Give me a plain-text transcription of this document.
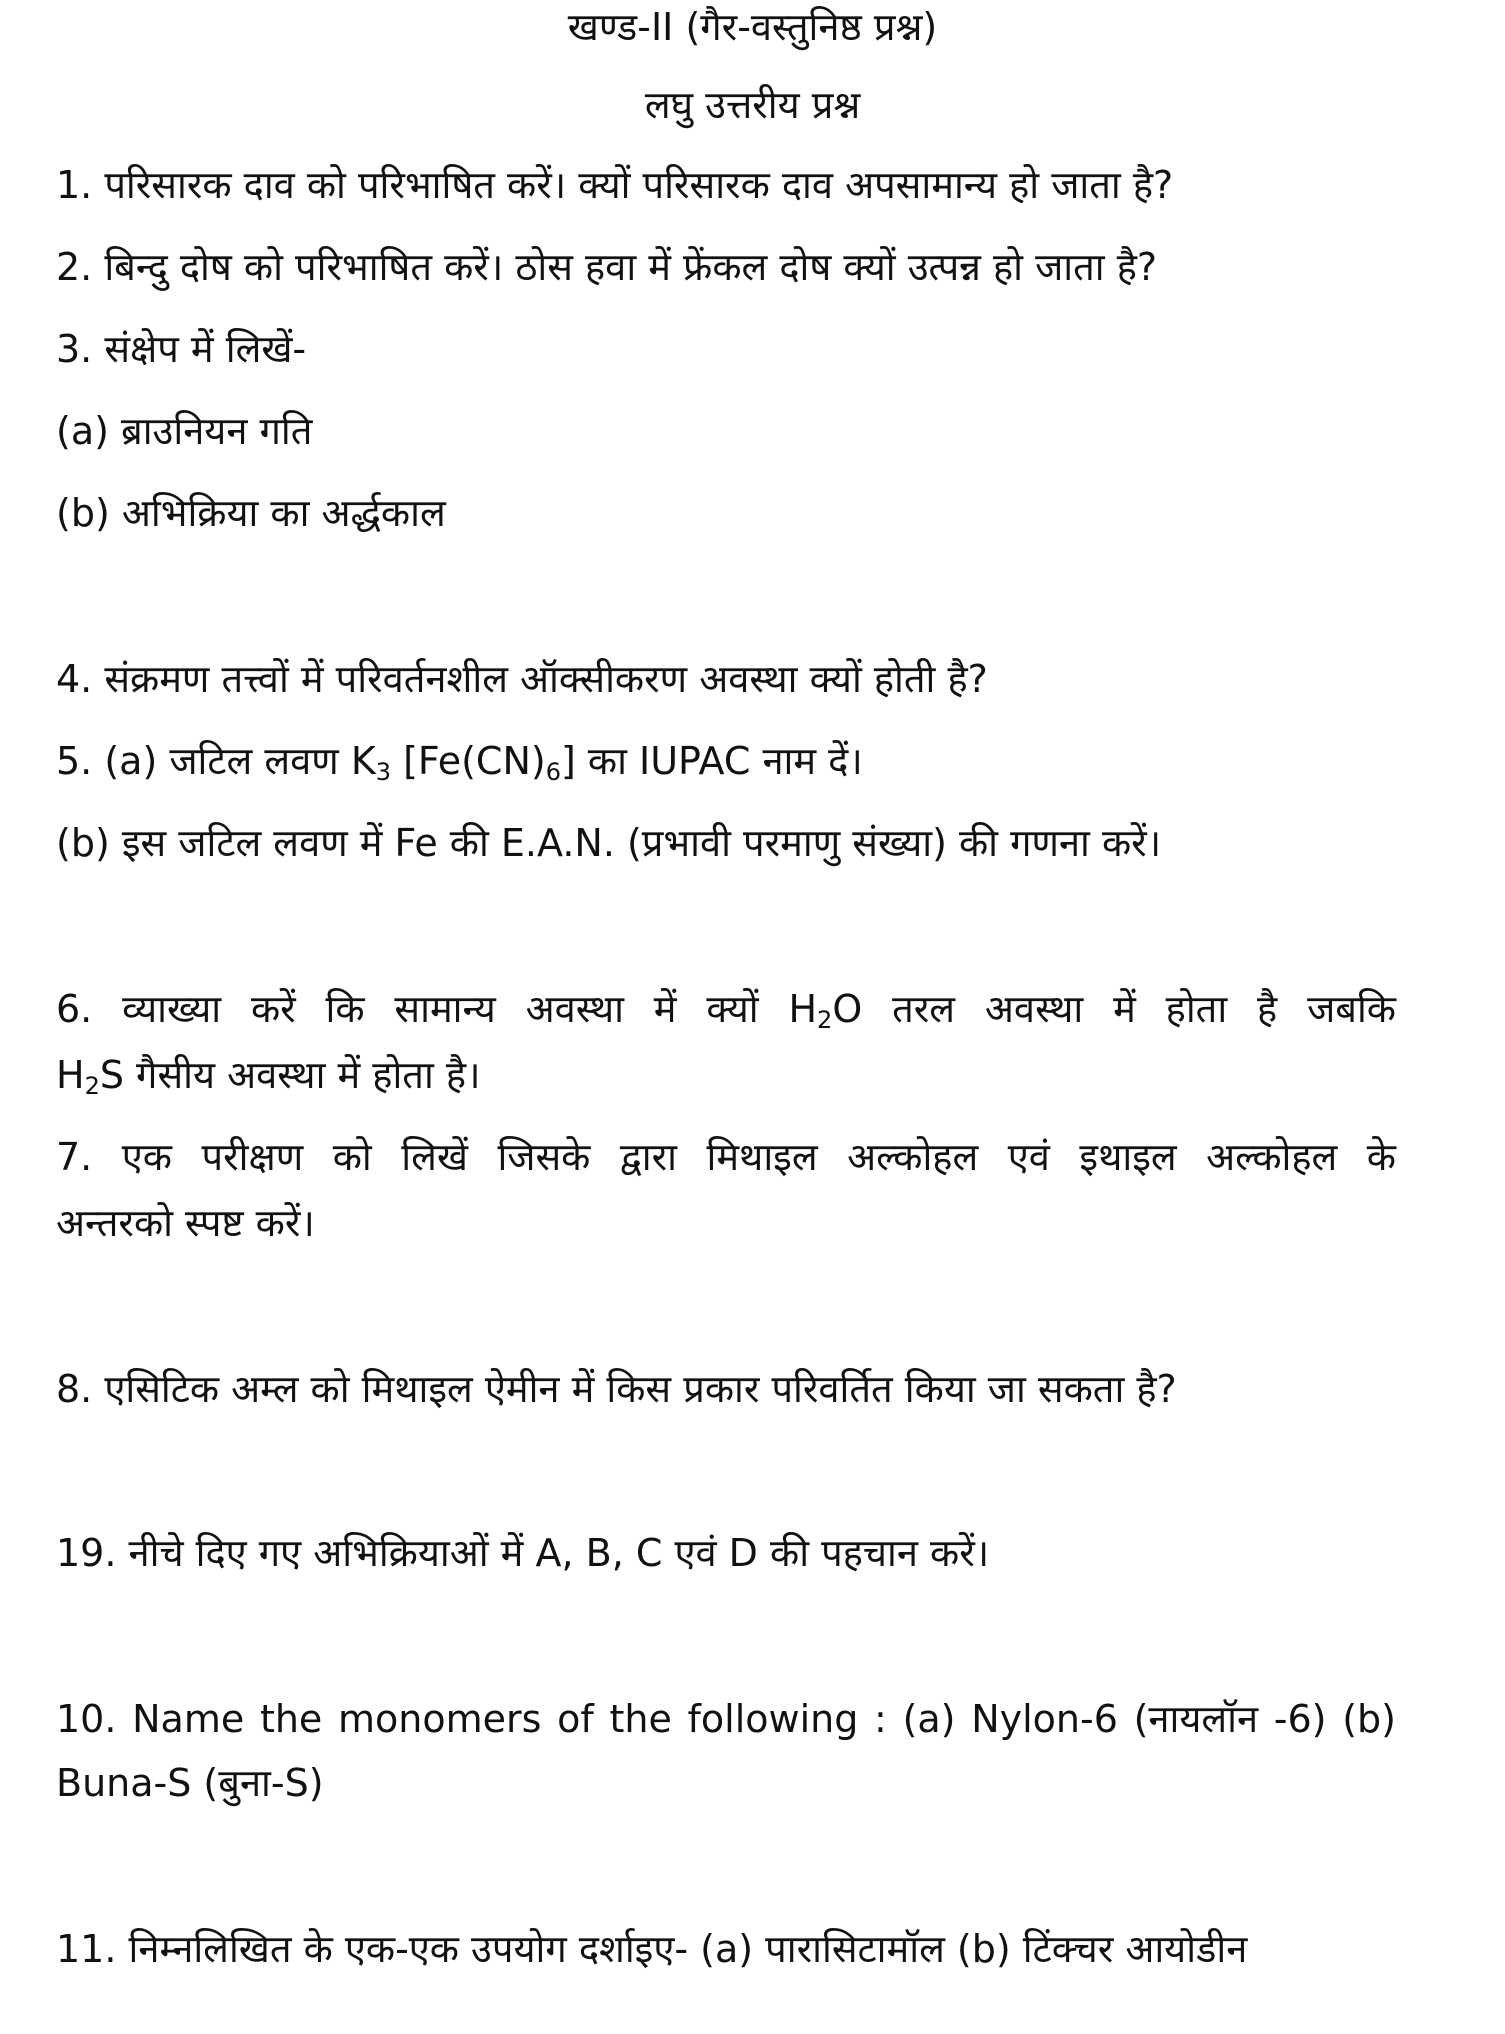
खण्ड-II (गैर-वस्तुनिष्ठ प्रश्न)
लघु उत्तरीय प्रश्न
1. परिसारक दाव को परिभाषित करें। क्यों परिसारक दाव अपसामान्य हो जाता है?
2. बिन्दु दोष को परिभाषित करें। ठोस हवा में फ्रेंकल दोष क्यों उत्पन्न हो जाता है?
3. संक्षेप में लिखें-
(a) ब्राउनियन गति
(b) अभिक्रिया का अर्द्धकाल
4. संक्रमण तत्त्वों में परिवर्तनशील ऑक्सीकरण अवस्था क्यों होती है?
5. (a) जटिल लवण $K_3$ $[Fe(CN)_6]$ का IUPAC नाम दें।
(b) इस जटिल लवण में Fe की E.A.N. (प्रभावी परमाणु संख्या) की गणना करें।
6. व्याख्या करें कि सामान्य अवस्था में क्यों $H_2O$ तरल अवस्था में होता है जबकि
$H_2S$ गैसीय अवस्था में होता है।
7. एक परीक्षण को लिखें जिसके द्वारा मिथाइल अल्कोहल एवं इथाइल अल्कोहल के
अन्तरको स्पष्ट करें।
8. एसिटिक अम्ल को मिथाइल ऐमीन में किस प्रकार परिवर्तित किया जा सकता है?
19. नीचे दिए गए अभिक्रियाओं में A, B, C एवं D की पहचान करें।
10. Name the monomers of the following : (a) Nylon-6 (नायलॉन -6) (b)
Buna-S (बुना-S)
11. निम्नलिखित के एक-एक उपयोग दर्शाइए- (a) पारासिटामॉल (b) टिंक्चर आयोडीन
